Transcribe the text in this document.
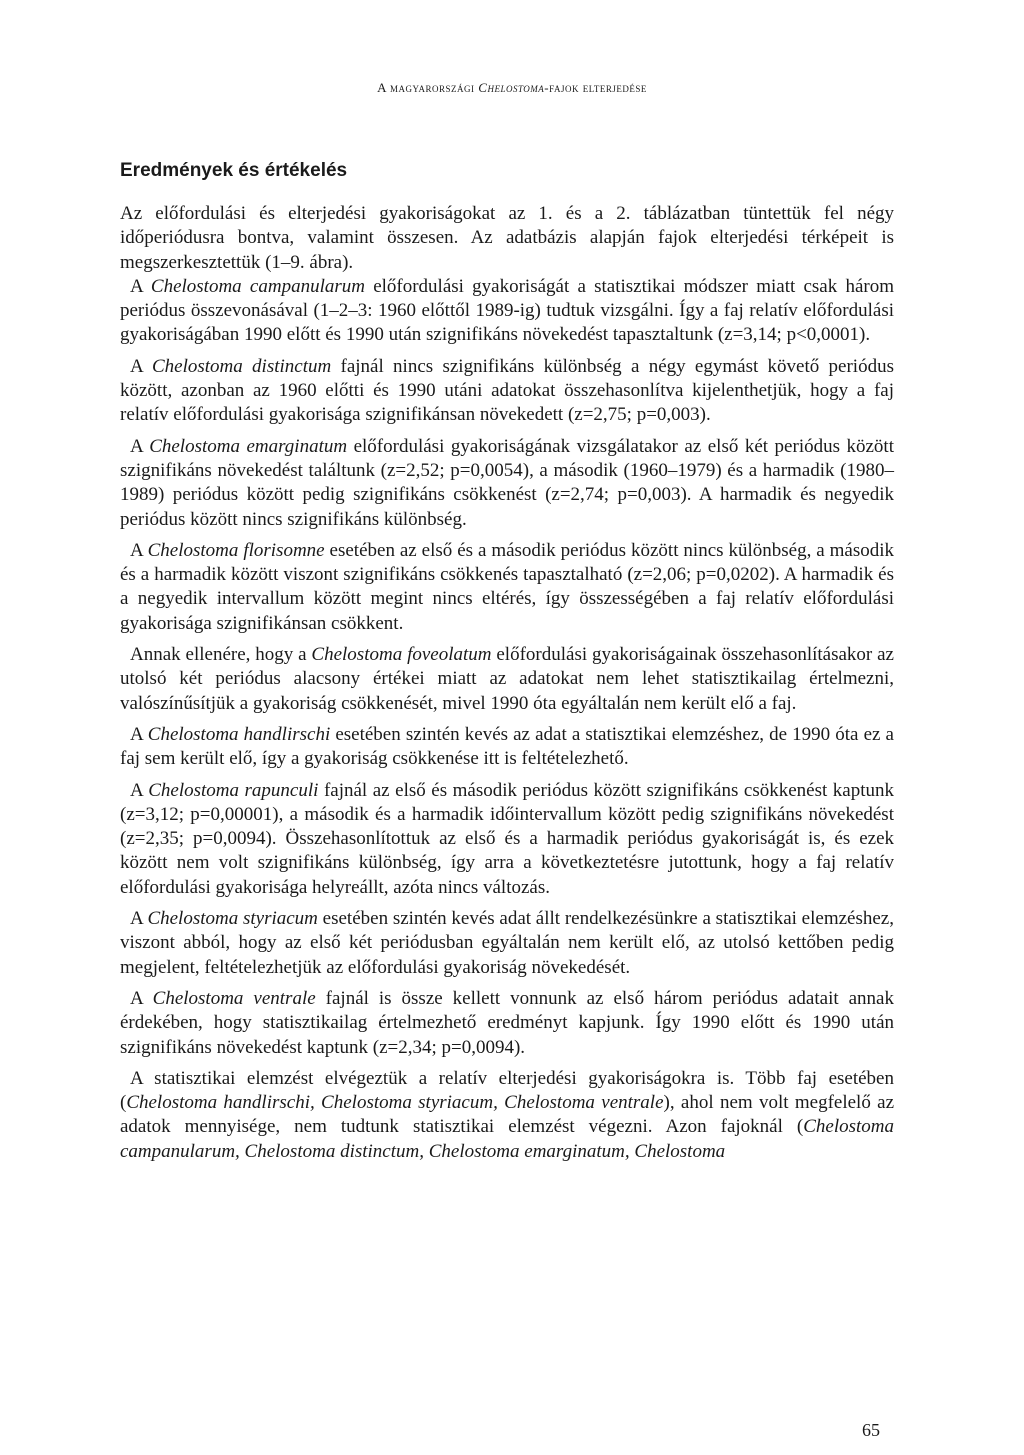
A magyarországi Chelostoma-fajok elterjedése
Eredmények és értékelés

Az előfordulási és elterjedési gyakoriságokat az 1. és a 2. táblázatban tüntettük fel négy időperiódusra bontva, valamint összesen. Az adatbázis alapján fajok elterjedési térképeit is megszerkesztettük (1–9. ábra).

A Chelostoma campanularum előfordulási gyakoriságát a statisztikai módszer miatt csak három periódus összevonásával (1–2–3: 1960 előttől 1989-ig) tudtuk vizsgálni. Így a faj relatív előfordulási gyakoriságában 1990 előtt és 1990 után szignifikáns növekedést tapasztaltunk (z=3,14; p<0,0001).

A Chelostoma distinctum fajnál nincs szignifikáns különbség a négy egymást követő periódus között, azonban az 1960 előtti és 1990 utáni adatokat összehasonlítva kijelenthetjük, hogy a faj relatív előfordulási gyakorisága szignifikánsan növekedett (z=2,75; p=0,003).

A Chelostoma emarginatum előfordulási gyakoriságának vizsgálatakor az első két periódus között szignifikáns növekedést találtunk (z=2,52; p=0,0054), a második (1960–1979) és a harmadik (1980–1989) periódus között pedig szignifikáns csökkenést (z=2,74; p=0,003). A harmadik és negyedik periódus között nincs szignifikáns különbség.

A Chelostoma florisomne esetében az első és a második periódus között nincs különbség, a második és a harmadik között viszont szignifikáns csökkenés tapasztalható (z=2,06; p=0,0202). A harmadik és a negyedik intervallum között megint nincs eltérés, így összességében a faj relatív előfordulási gyakorisága szignifikánsan csökkent.

Annak ellenére, hogy a Chelostoma foveolatum előfordulási gyakoriságainak összehasonlításakor az utolsó két periódus alacsony értékei miatt az adatokat nem lehet statisztikailag értelmezni, valószínűsítjük a gyakoriság csökkenését, mivel 1990 óta egyáltalán nem került elő a faj.

A Chelostoma handlirschi esetében szintén kevés az adat a statisztikai elemzéshez, de 1990 óta ez a faj sem került elő, így a gyakoriság csökkenése itt is feltételezhető.

A Chelostoma rapunculi fajnál az első és második periódus között szignifikáns csökkenést kaptunk (z=3,12; p=0,00001), a második és a harmadik időintervallum között pedig szignifikáns növekedést (z=2,35; p=0,0094). Összehasonlítottuk az első és a harmadik periódus gyakoriságát is, és ezek között nem volt szignifikáns különbség, így arra a következtetésre jutottunk, hogy a faj relatív előfordulási gyakorisága helyreállt, azóta nincs változás.

A Chelostoma styriacum esetében szintén kevés adat állt rendelkezésünkre a statisztikai elemzéshez, viszont abból, hogy az első két periódusban egyáltalán nem került elő, az utolsó kettőben pedig megjelent, feltételezhetjük az előfordulási gyakoriság növekedését.

A Chelostoma ventrale fajnál is össze kellett vonnunk az első három periódus adatait annak érdekében, hogy statisztikailag értelmezhető eredményt kapjunk. Így 1990 előtt és 1990 után szignifikáns növekedést kaptunk (z=2,34; p=0,0094).

A statisztikai elemzést elvégeztük a relatív elterjedési gyakoriságokra is. Több faj esetében (Chelostoma handlirschi, Chelostoma styriacum, Chelostoma ventrale), ahol nem volt megfelelő az adatok mennyisége, nem tudtunk statisztikai elemzést végezni. Azon fajoknál (Chelostoma campanularum, Chelostoma distinctum, Chelostoma emarginatum, Chelostoma

65
